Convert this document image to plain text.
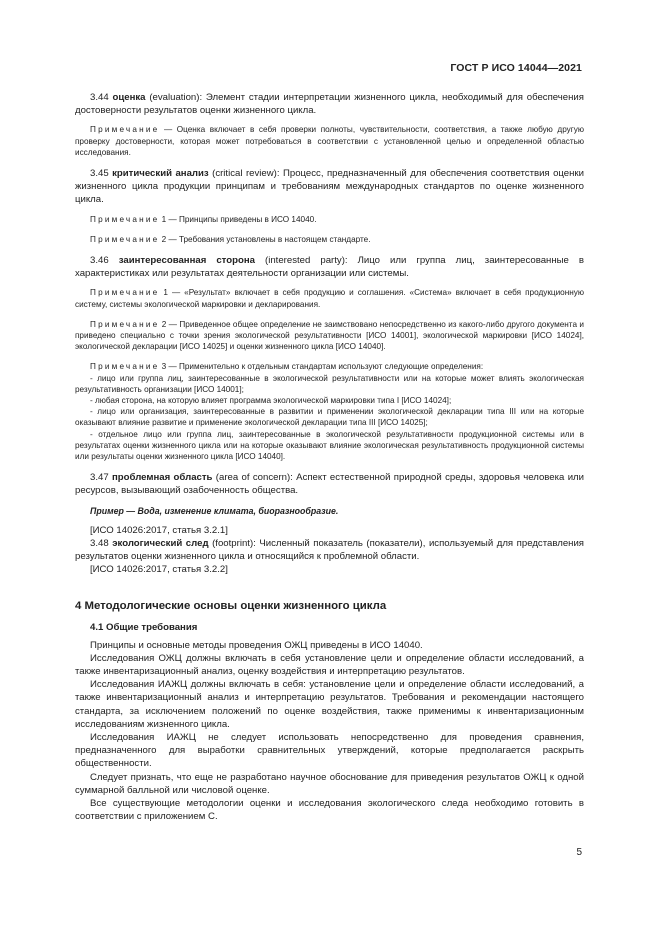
ГОСТ Р ИСО 14044—2021

3.44 оценка (evaluation): Элемент стадии интерпретации жизненного цикла, необходимый для обеспечения достоверности результатов оценки жизненного цикла.

Примечание — Оценка включает в себя проверки полноты, чувствительности, соответствия, а также любую другую проверку достоверности, которая может потребоваться в соответствии с установленной целью и определенной областью исследования.

3.45 критический анализ (critical review): Процесс, предназначенный для обеспечения соответствия оценки жизненного цикла продукции принципам и требованиям международных стандартов по оценке жизненного цикла.

Примечание 1 — Принципы приведены в ИСО 14040.

Примечание 2 — Требования установлены в настоящем стандарте.

3.46 заинтересованная сторона (interested party): Лицо или группа лиц, заинтересованные в характеристиках или результатах деятельности организации или системы.

Примечание 1 — «Результат» включает в себя продукцию и соглашения. «Система» включает в себя продукционную систему, системы экологической маркировки и декларирования.

Примечание 2 — Приведенное общее определение не заимствовано непосредственно из какого-либо другого документа и приведено специально с точки зрения экологической результативности [ИСО 14001], экологической маркировки [ИСО 14024], экологической декларации [ИСО 14025] и оценки жизненного цикла [ИСО 14040].

Примечание 3 — Применительно к отдельным стандартам используют следующие определения:

- лицо или группа лиц, заинтересованные в экологической результативности или на которые может влиять экологическая результативность организации [ИСО 14001];

- любая сторона, на которую влияет программа экологической маркировки типа I [ИСО 14024];

- лицо или организация, заинтересованные в развитии и применении экологической декларации типа III или на которые оказывают влияние развитие и применение экологической декларации типа III [ИСО 14025];

- отдельное лицо или группа лиц, заинтересованные в экологической результативности продукционной системы или в результатах оценки жизненного цикла или на которые оказывают влияние экологическая результативность продукционной системы или результаты оценки жизненного цикла [ИСО 14040].

3.47 проблемная область (area of concern): Аспект естественной природной среды, здоровья человека или ресурсов, вызывающий озабоченность общества.

Пример — Вода, изменение климата, биоразнообразие.

[ИСО 14026:2017, статья 3.2.1]

3.48 экологический след (footprint): Численный показатель (показатели), используемый для представления результатов оценки жизненного цикла и относящийся к проблемной области.

[ИСО 14026:2017, статья 3.2.2]

4 Методологические основы оценки жизненного цикла
4.1 Общие требования

Принципы и основные методы проведения ОЖЦ приведены в ИСО 14040.

Исследования ОЖЦ должны включать в себя установление цели и определение области исследований, а также инвентаризационный анализ, оценку воздействия и интерпретацию результатов.

Исследования ИАЖЦ должны включать в себя: установление цели и определение области исследований, а также инвентаризационный анализ и интерпретацию результатов. Требования и рекомендации настоящего стандарта, за исключением положений по оценке воздействия, также применимы к инвентаризационным исследованиям жизненного цикла.

Исследования ИАЖЦ не следует использовать непосредственно для проведения сравнения, предназначенного для выработки сравнительных утверждений, которые предполагается раскрыть общественности.

Следует признать, что еще не разработано научное обоснование для приведения результатов ОЖЦ к одной суммарной балльной или числовой оценке.

Все существующие методологии оценки и исследования экологического следа необходимо готовить в соответствии с приложением С.

5
